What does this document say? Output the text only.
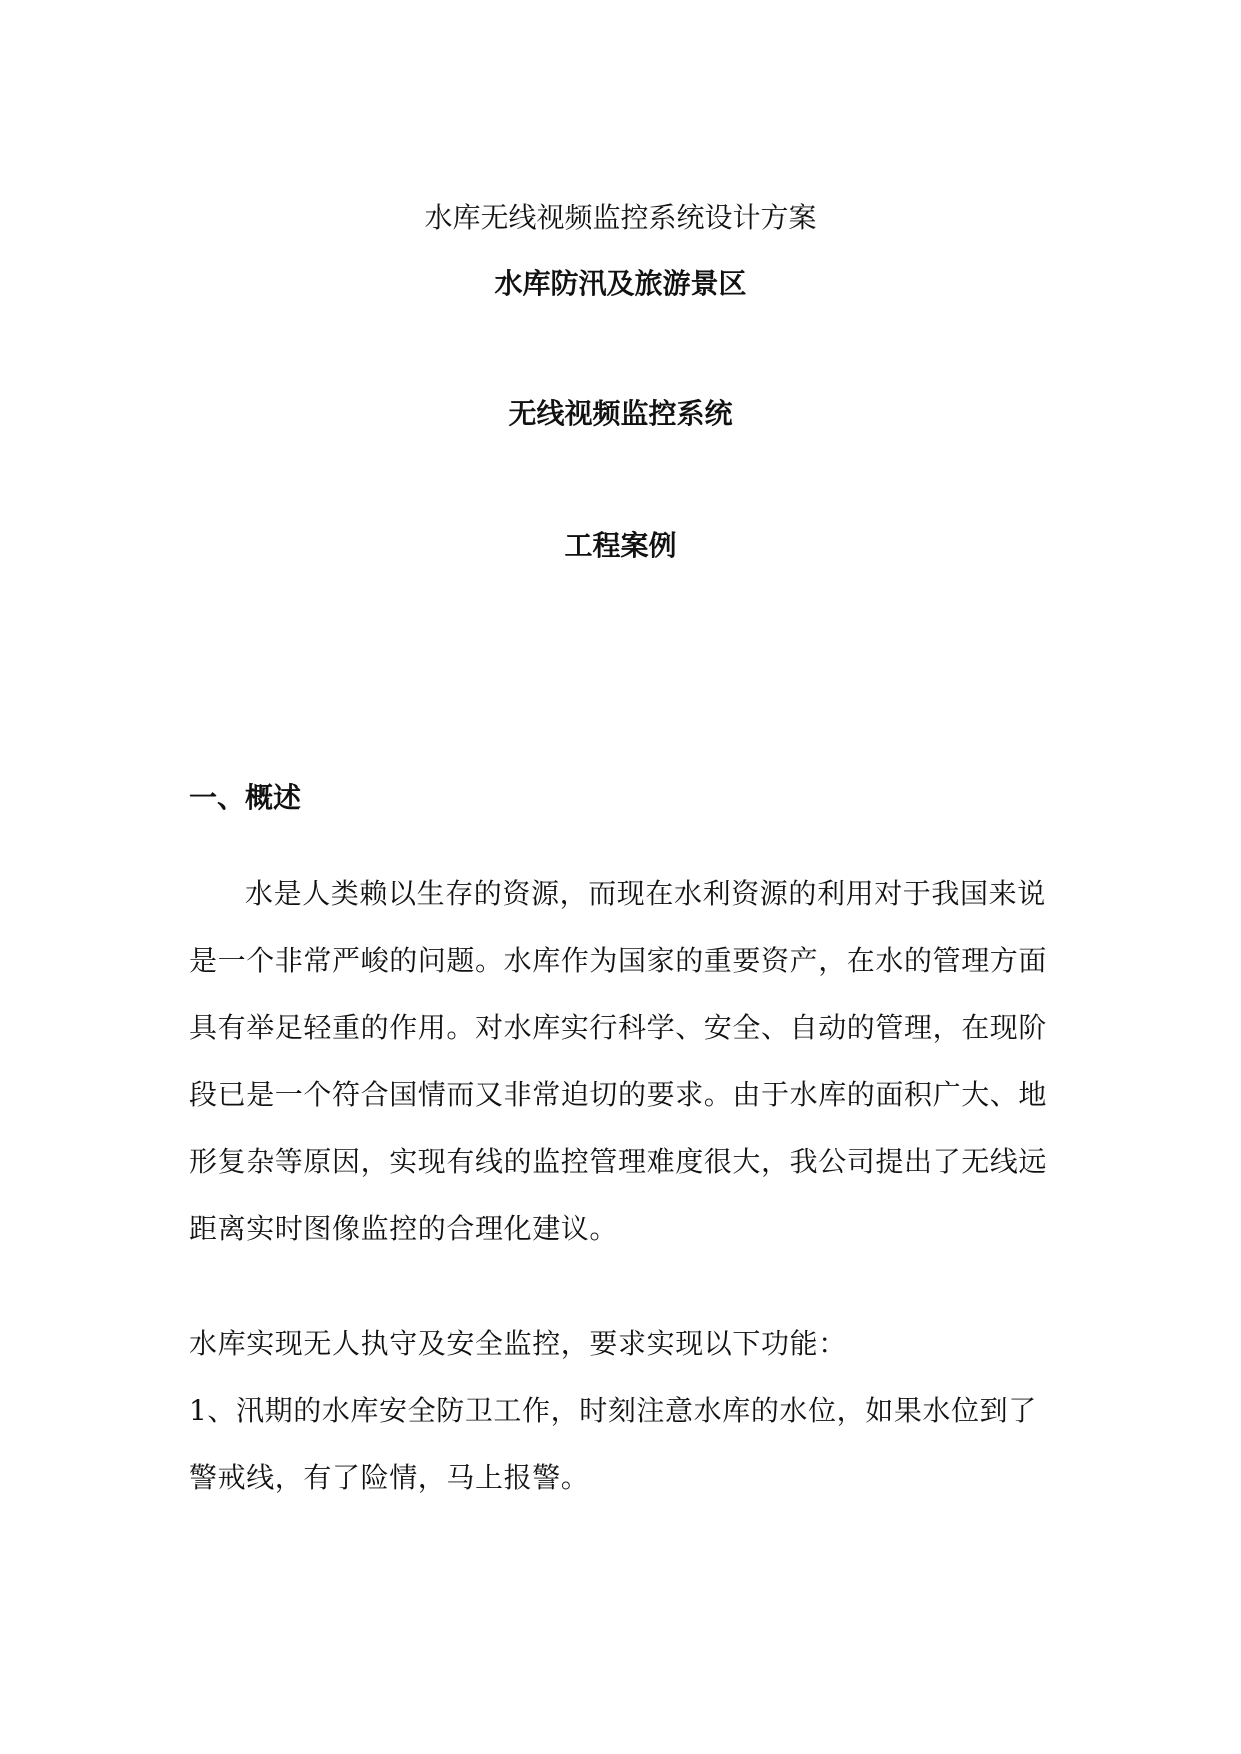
水库无线视频监控系统设计方案
水库防汛及旅游景区
无线视频监控系统
工程案例
一、概述
水是人类赖以生存的资源，而现在水利资源的利用对于我国来说
是一个非常严峻的问题。水库作为国家的重要资产，在水的管理方面
具有举足轻重的作用。对水库实行科学、安全、自动的管理，在现阶
段已是一个符合国情而又非常迫切的要求。由于水库的面积广大、地
形复杂等原因，实现有线的监控管理难度很大，我公司提出了无线远
距离实时图像监控的合理化建议。
水库实现无人执守及安全监控，要求实现以下功能：
1、汛期的水库安全防卫工作，时刻注意水库的水位，如果水位到了
警戒线，有了险情，马上报警。
